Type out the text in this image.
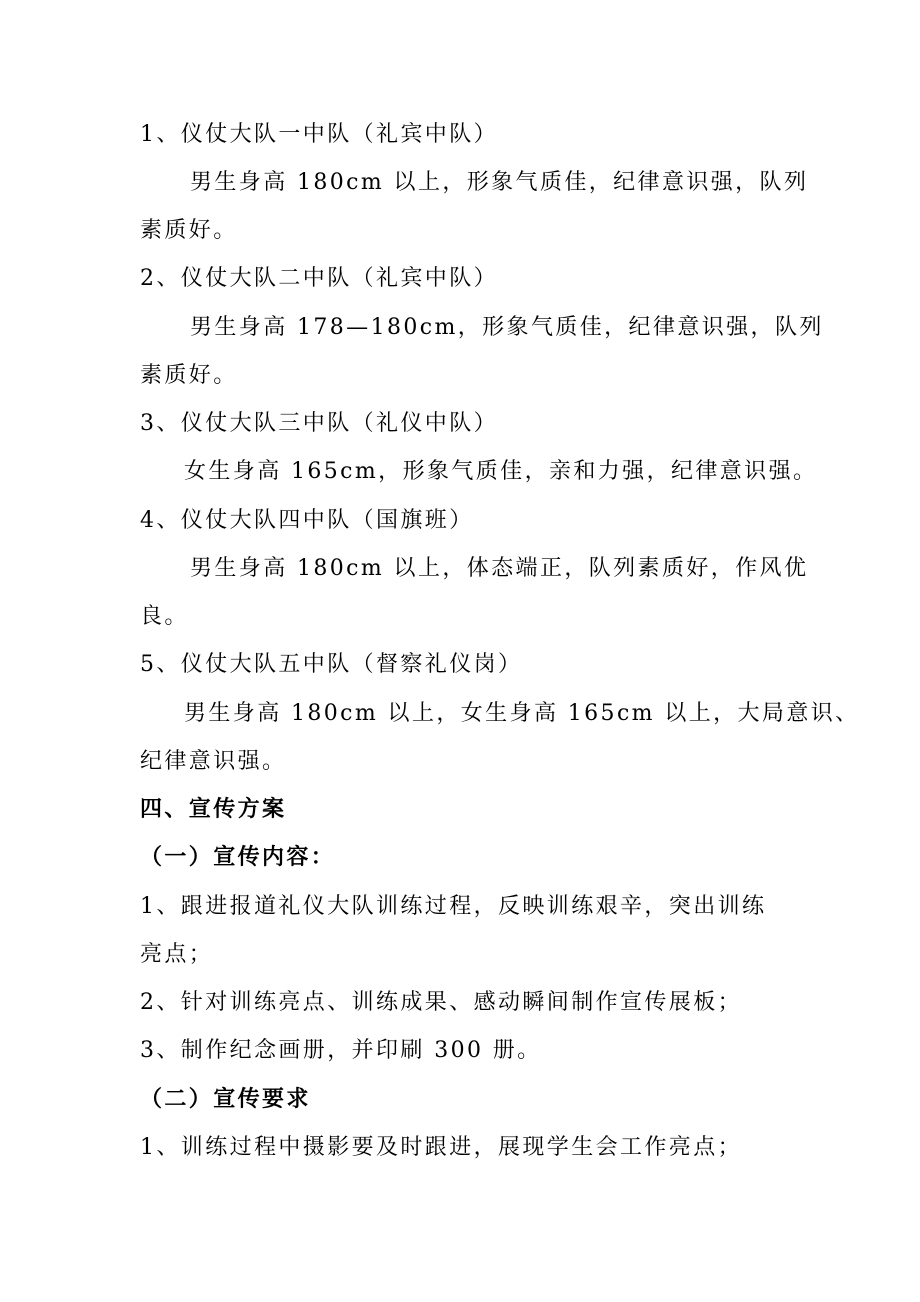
1、仪仗大队一中队（礼宾中队）
男生身高 180cm 以上，形象气质佳，纪律意识强，队列
素质好。
2、仪仗大队二中队（礼宾中队）
男生身高 178—180cm，形象气质佳，纪律意识强，队列
素质好。
3、仪仗大队三中队（礼仪中队）
女生身高 165cm，形象气质佳，亲和力强，纪律意识强。
4、仪仗大队四中队（国旗班）
男生身高 180cm 以上，体态端正，队列素质好，作风优
良。
5、仪仗大队五中队（督察礼仪岗）
男生身高 180cm 以上，女生身高 165cm 以上，大局意识、
纪律意识强。
四、宣传方案
（一）宣传内容：
1、跟进报道礼仪大队训练过程，反映训练艰辛，突出训练
亮点；
2、针对训练亮点、训练成果、感动瞬间制作宣传展板；
3、制作纪念画册，并印刷 300 册。
（二）宣传要求
1、训练过程中摄影要及时跟进，展现学生会工作亮点；
